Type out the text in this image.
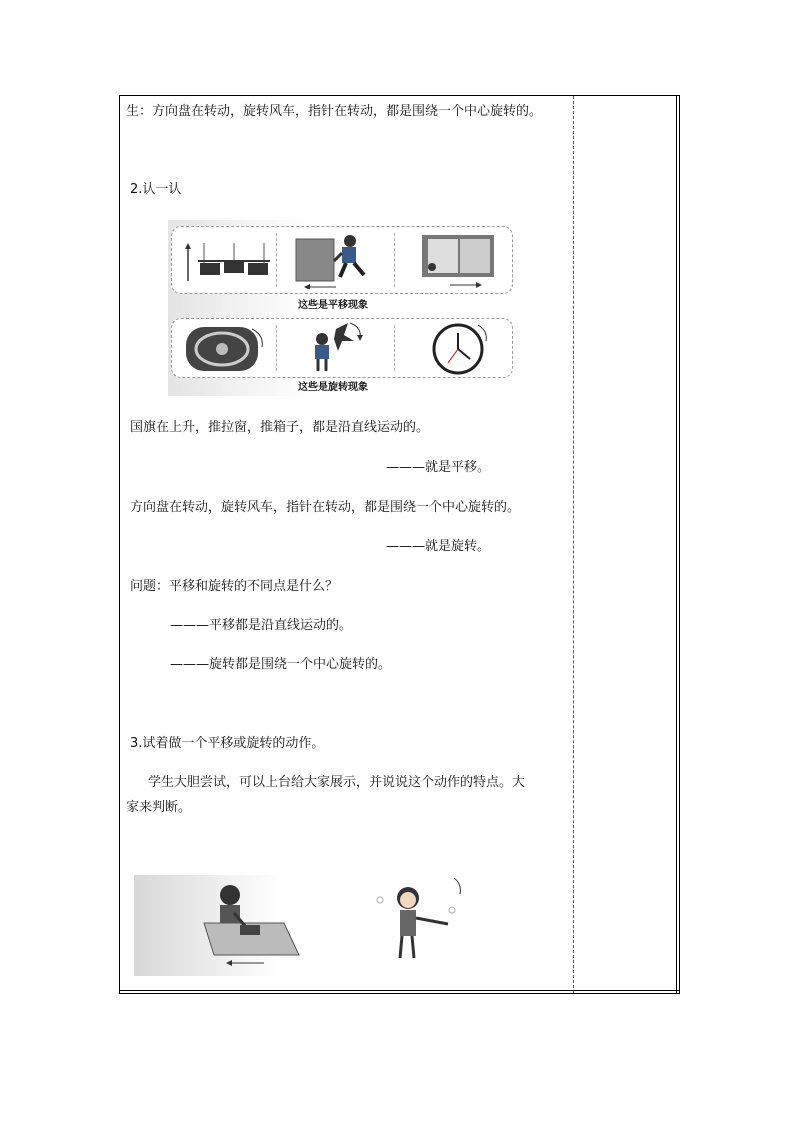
生：方向盘在转动，旋转风车，指针在转动，都是围绕一个中心旋转的。
2.认一认
这些是平移现象
这些是旋转现象
国旗在上升，推拉窗，推箱子，都是沿直线运动的。
———就是平移。
方向盘在转动，旋转风车，指针在转动，都是围绕一个中心旋转的。
———就是旋转。
问题：平移和旋转的不同点是什么？
———平移都是沿直线运动的。
———旋转都是围绕一个中心旋转的。
3.试着做一个平移或旋转的动作。
学生大胆尝试，可以上台给大家展示，并说说这个动作的特点。大
家来判断。
